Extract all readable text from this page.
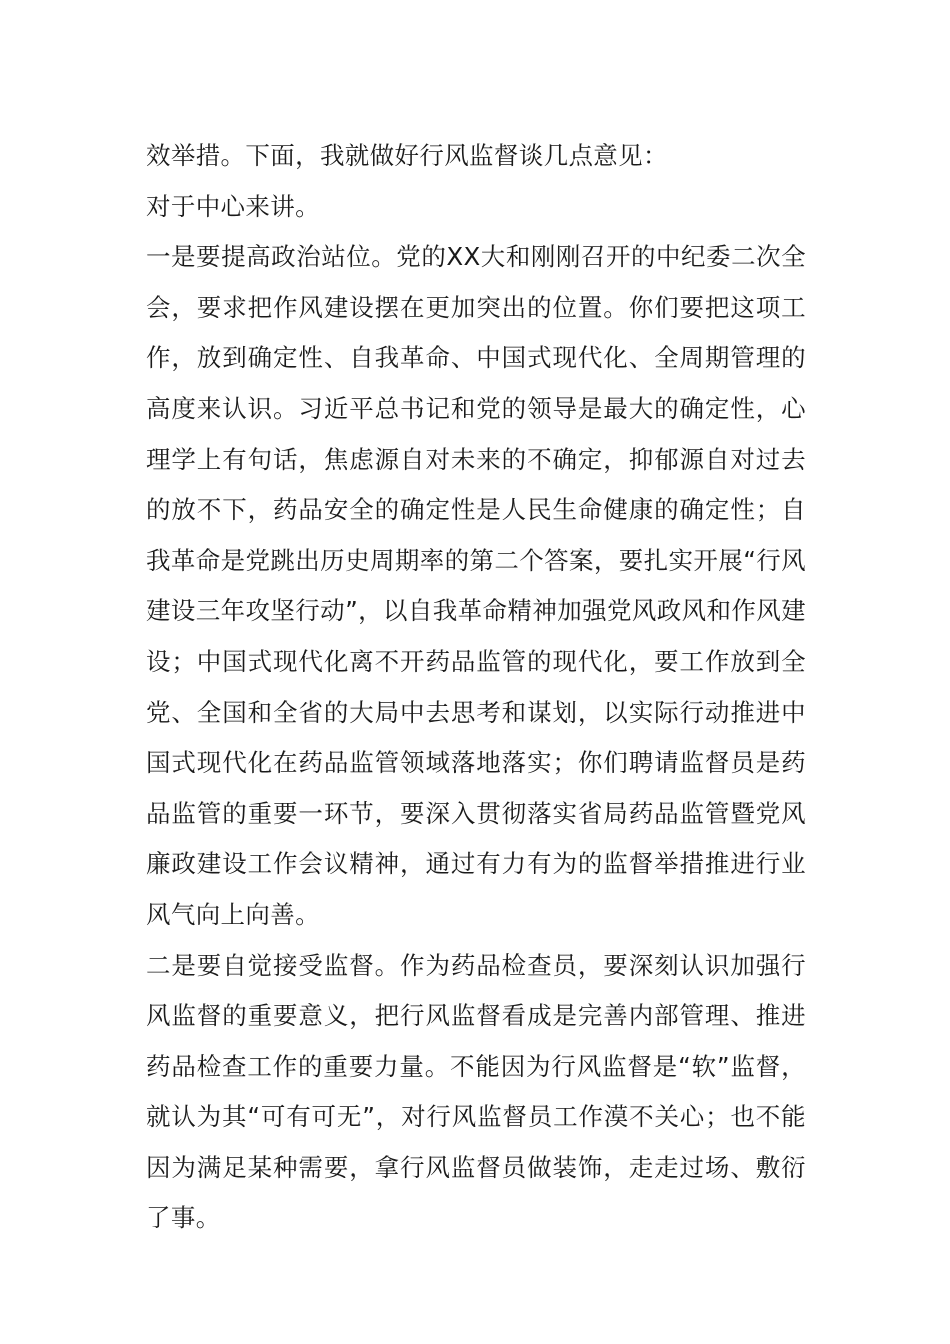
效举措。下面，我就做好行风监督谈几点意见：

对于中心来讲。

一是要提高政治站位。党的XX大和刚刚召开的中纪委二次全会，要求把作风建设摆在更加突出的位置。你们要把这项工作，放到确定性、自我革命、中国式现代化、全周期管理的高度来认识。习近平总书记和党的领导是最大的确定性，心理学上有句话，焦虑源自对未来的不确定，抑郁源自对过去的放不下，药品安全的确定性是人民生命健康的确定性；自我革命是党跳出历史周期率的第二个答案，要扎实开展“行风建设三年攻坚行动”，以自我革命精神加强党风政风和作风建设；中国式现代化离不开药品监管的现代化，要工作放到全党、全国和全省的大局中去思考和谋划，以实际行动推进中国式现代化在药品监管领域落地落实；你们聘请监督员是药品监管的重要一环节，要深入贯彻落实省局药品监管暨党风廉政建设工作会议精神，通过有力有为的监督举措推进行业风气向上向善。

二是要自觉接受监督。作为药品检查员，要深刻认识加强行风监督的重要意义，把行风监督看成是完善内部管理、推进药品检查工作的重要力量。不能因为行风监督是“软”监督，就认为其“可有可无”，对行风监督员工作漠不关心；也不能因为满足某种需要，拿行风监督员做装饰，走走过场、敷衍了事。
